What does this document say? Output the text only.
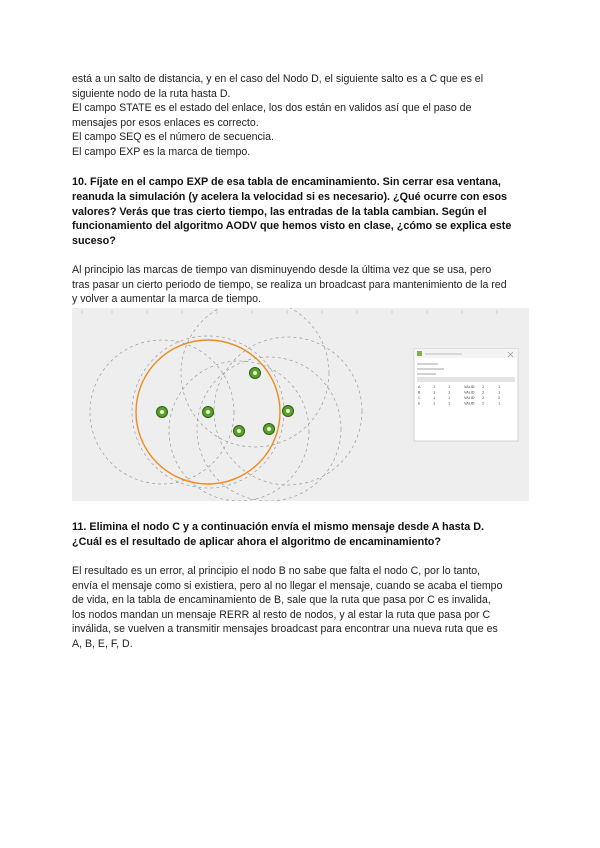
está a un salto de distancia, y en el caso del Nodo D, el siguiente salto es a C que es el

siguiente nodo de la ruta hasta D.

El campo STATE es el estado del enlace, los dos están en validos así que el paso de

mensajes por esos enlaces es correcto.

El campo SEQ es el número de secuencia.

El campo EXP es la marca de tiempo.

10. Fíjate en el campo EXP de esa tabla de encaminamiento. Sin cerrar esa ventana,

reanuda la simulación (y acelera la velocidad si es necesario). ¿Qué ocurre con esos

valores? Verás que tras cierto tiempo, las entradas de la tabla cambian. Según el

funcionamiento del algoritmo AODV que hemos visto en clase, ¿cómo se explica este

suceso?

Al principio las marcas de tiempo van disminuyendo desde la última vez que se usa, pero

tras pasar un cierto periodo de tiempo, se realiza un broadcast para mantenimiento de la red

y volver a aumentar la marca de tiempo.

A	1	1	VALID 2	1
B	1	1	VALID 2	1
C	1	1	VALID 2	2
E	1	1	VALID 2	1

11. Elimina el nodo C y a continuación envía el mismo mensaje desde A hasta D.

¿Cuál es el resultado de aplicar ahora el algoritmo de encaminamiento?

El resultado es un error, al principio el nodo B no sabe que falta el nodo C, por lo tanto,

envía el mensaje como si existiera, pero al no llegar el mensaje, cuando se acaba el tiempo

de vida, en la tabla de encaminamiento de B, sale que la ruta que pasa por C es invalida,

los nodos mandan un mensaje RERR al resto de nodos, y al estar la ruta que pasa por C

inválida, se vuelven a transmitir mensajes broadcast para encontrar una nueva ruta que es

A, B, E, F, D.
